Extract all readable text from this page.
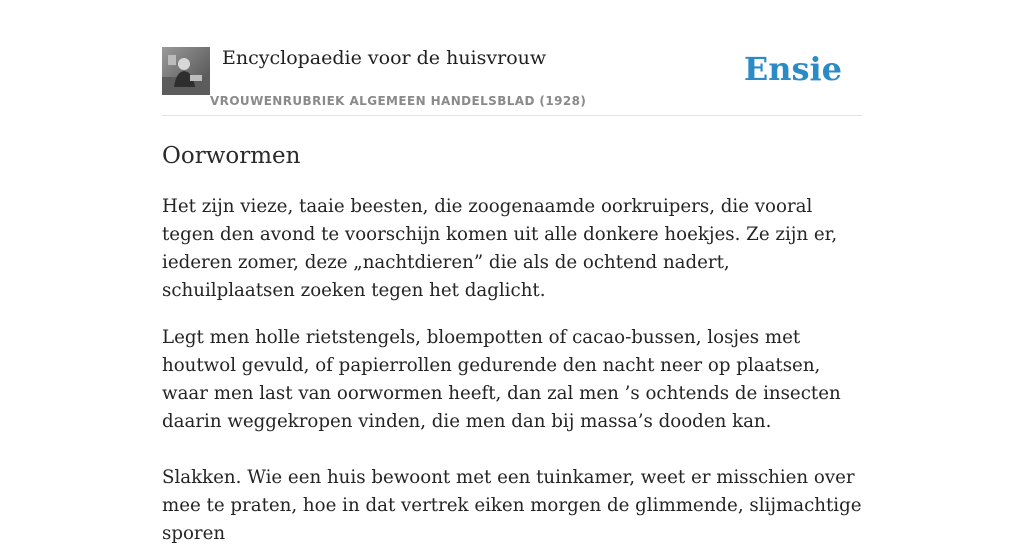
Encyclopaedie voor de huisvrouw
VROUWENRUBRIEK ALGEMEEN HANDELSBLAD (1928)
Ensie
Oorwormen

Het zijn vieze, taaie beesten, die zoogenaamde oorkruipers, die vooral tegen den avond te voorschijn komen uit alle donkere hoekjes. Ze zijn er, iederen zomer, deze „nachtdieren” die als de ochtend nadert, schuilplaatsen zoeken tegen het daglicht.

Legt men holle rietstengels, bloempotten of cacao-bussen, losjes met houtwol gevuld, of papierrollen gedurende den nacht neer op plaatsen, waar men last van oorwormen heeft, dan zal men ’s ochtends de insecten daarin weggekropen vinden, die men dan bij massa’s dooden kan.

Slakken. Wie een huis bewoont met een tuinkamer, weet er misschien over mee te praten, hoe in dat vertrek eiken morgen de glimmende, slijmachtige sporen
